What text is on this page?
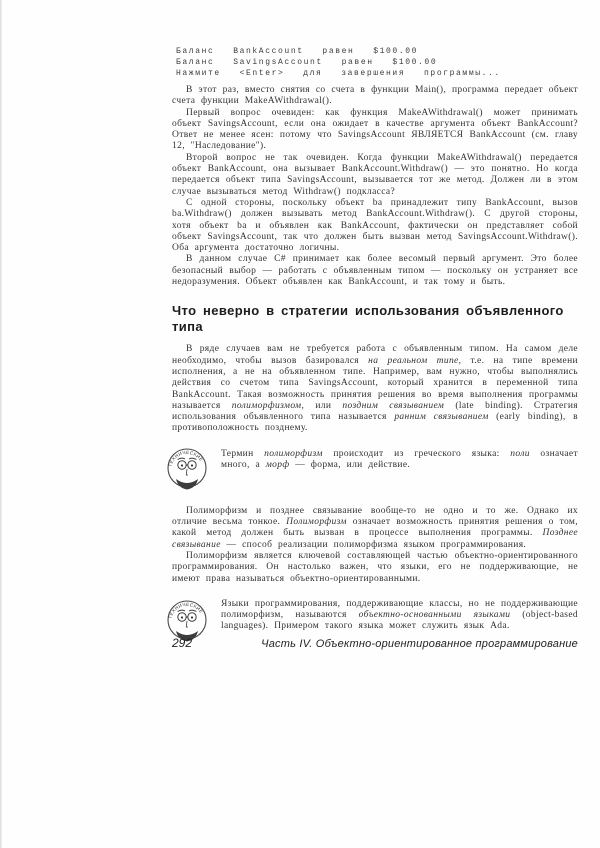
Баланс  BankAccount  равен  $100.00
Баланс  SavingsAccount  равен  $100.00
Нажмите  <Enter>  для  завершения  программы...

В этот раз, вместо снятия со счета в функции Main(), программа передает объект счета функции MakeAWithdrawal().

Первый вопрос очевиден: как функция MakeAWithdrawal() может принимать объект SavingsAccount, если она ожидает в качестве аргумента объект BankAccount? Ответ не менее ясен: потому что SavingsAccount ЯВЛЯЕТСЯ BankAccount (см. главу 12, "Наследование").

Второй вопрос не так очевиден. Когда функции MakeAWithdrawal() передается объект BankAccount, она вызывает BankAccount.Withdraw() — это понятно. Но когда передается объект типа SavingsAccount, вызывается тот же метод. Должен ли в этом случае вызываться метод Withdraw() подкласса?

С одной стороны, поскольку объект ba принадлежит типу BankAccount, вызов ba.Withdraw() должен вызывать метод BankAccount.Withdraw(). С другой стороны, хотя объект ba и объявлен как BankAccount, фактически он представляет собой объект SavingsAccount, так что должен быть вызван метод SavingsAccount.Withdraw(). Оба аргумента достаточно логичны.

В данном случае C# принимает как более весомый первый аргумент. Это более безопасный выбор — работать с объявленным типом — поскольку он устраняет все недоразумения. Объект объявлен как BankAccount, и так тому и быть.

Что неверно в стратегии использования объявленного типа

В ряде случаев вам не требуется работа с объявленным типом. На самом деле необходимо, чтобы вызов базировался на реальном типе, т.е. на типе времени исполнения, а не на объявленном типе. Например, вам нужно, чтобы выполнялись действия со счетом типа SavingsAccount, который хранится в переменной типа BankAccount. Такая возможность принятия решения во время выполнения программы называется полиморфизмом, или поздним связыванием (late binding). Стратегия использования объявленного типа называется ранним связыванием (early binding), в противоположность позднему.

ТЕХНИЧЕСКИЕ
ПОДРОБНОСТИ
Термин полиморфизм происходит из греческого языка: поли означает много, а морф — форма, или действие.

Полиморфизм и позднее связывание вообще-то не одно и то же. Однако их отличие весьма тонкое. Полиморфизм означает возможность принятия решения о том, какой метод должен быть вызван в процессе выполнения программы. Позднее связывание — способ реализации полиморфизма языком программирования.

Полиморфизм является ключевой составляющей частью объектно-ориентированного программирования. Он настолько важен, что языки, его не поддерживающие, не имеют права называться объектно-ориентированными.

ТЕХНИЧЕСКИЕ
ПОДРОБНОСТИ
Языки программирования, поддерживающие классы, но не поддерживающие полиморфизм, называются объектно-основанными языками (object-based languages). Примером такого языка может служить язык Ada.
292	Часть IV. Объектно-ориентированное программирование
